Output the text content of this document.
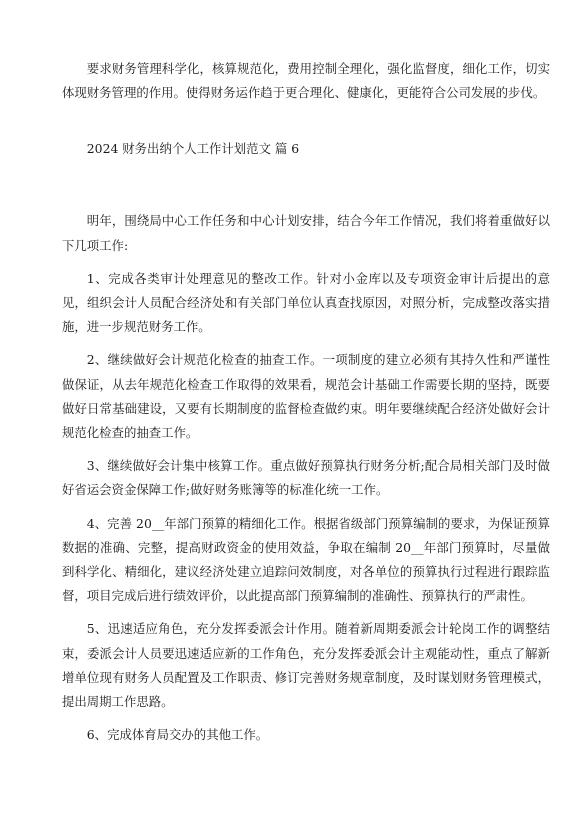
要求财务管理科学化，核算规范化，费用控制全理化，强化监督度，细化工作，切实体现财务管理的作用。使得财务运作趋于更合理化、健康化，更能符合公司发展的步伐。

2024 财务出纳个人工作计划范文 篇 6

明年，围绕局中心工作任务和中心计划安排，结合今年工作情况，我们将着重做好以下几项工作:

1、完成各类审计处理意见的整改工作。针对小金库以及专项资金审计后提出的意见，组织会计人员配合经济处和有关部门单位认真查找原因，对照分析，完成整改落实措施，进一步规范财务工作。

2、继续做好会计规范化检查的抽查工作。一项制度的建立必须有其持久性和严谨性做保证，从去年规范化检查工作取得的效果看，规范会计基础工作需要长期的坚持，既要做好日常基础建设，又要有长期制度的监督检查做约束。明年要继续配合经济处做好会计规范化检查的抽查工作。

3、继续做好会计集中核算工作。重点做好预算执行财务分析;配合局相关部门及时做好省运会资金保障工作;做好财务账簿等的标准化统一工作。

4、完善 20__年部门预算的精细化工作。根据省级部门预算编制的要求，为保证预算数据的准确、完整，提高财政资金的使用效益，争取在编制 20__年部门预算时，尽量做到科学化、精细化，建议经济处建立追踪问效制度，对各单位的预算执行过程进行跟踪监督，项目完成后进行绩效评价，以此提高部门预算编制的准确性、预算执行的严肃性。

5、迅速适应角色，充分发挥委派会计作用。随着新周期委派会计轮岗工作的调整结束，委派会计人员要迅速适应新的工作角色，充分发挥委派会计主观能动性，重点了解新增单位现有财务人员配置及工作职责、修订完善财务规章制度，及时谋划财务管理模式，提出周期工作思路。

6、完成体育局交办的其他工作。
